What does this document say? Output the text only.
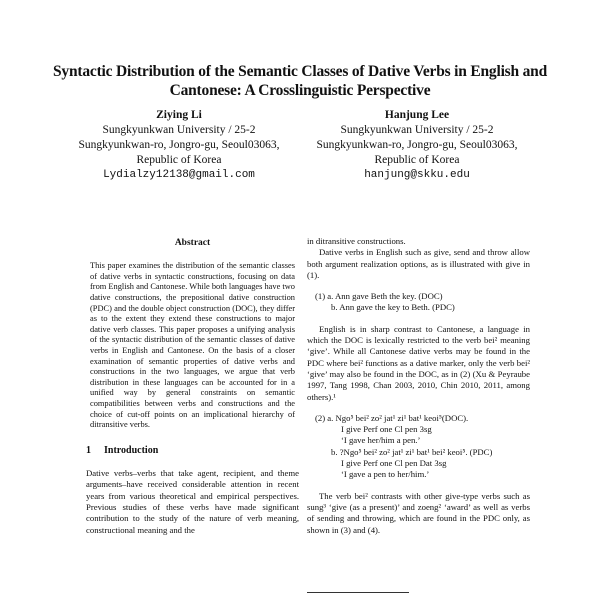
Syntactic Distribution of the Semantic Classes of Dative Verbs in English and Cantonese: A Crosslinguistic Perspective
Ziying Li
Sungkyunkwan University / 25-2
Sungkyunkwan-ro, Jongro-gu, Seoul03063,
Republic of Korea
Lydialzy12138@gmail.com
Hanjung Lee
Sungkyunkwan University / 25-2
Sungkyunkwan-ro, Jongro-gu, Seoul03063,
Republic of Korea
hanjung@skku.edu
Abstract
This paper examines the distribution of the semantic classes of dative verbs in syntactic constructions, focusing on data from English and Cantonese. While both languages have two dative constructions, the prepositional dative construction (PDC) and the double object construction (DOC), they differ as to the extent they extend these constructions to major dative verb classes. This paper proposes a unifying analysis of the syntactic distribution of the semantic classes of dative verbs in English and Cantonese. On the basis of a closer examination of semantic properties of dative verbs and constructions in the two languages, we argue that verb distribution in these languages can be accounted for in a unified way by general constraints on semantic compatibilities between verbs and constructions and the choice of cut-off points on an implicational hierarchy of ditransitive verbs.
1 Introduction
Dative verbs–verbs that take agent, recipient, and theme arguments–have received considerable attention in recent years from various theoretical and empirical perspectives. Previous studies of these verbs have made significant contribution to the study of the nature of verb meaning, constructional meaning and the

in ditransitive constructions.

Dative verbs in English such as give, send and throw allow both argument realization options, as is illustrated with give in (1).

(1) a. Ann gave Beth the key. (DOC)
b. Ann gave the key to Beth. (PDC)

English is in sharp contrast to Cantonese, a language in which the DOC is lexically restricted to the verb bei² meaning ‘give’. While all Cantonese dative verbs may be found in the PDC where bei² functions as a dative marker, only the verb bei² ‘give’ may also be found in the DOC, as in (2) (Xu & Peyraube 1997, Tang 1998, Chan 2003, 2010, Chin 2010, 2011, among others).¹

(2) a. Ngo⁵ bei² zo² jat¹ zi¹ bat¹ keoi⁵(DOC).
I give Perf one Cl pen 3sg
‘I gave her/him a pen.’
b. ?Ngo⁵ bei² zo² jat¹ zi¹ bat¹ bei² keoi⁵. (PDC)
I give Perf one Cl pen Dat 3sg
‘I gave a pen to her/him.’

The verb bei² contrasts with other give-type verbs such as sung³ ‘give (as a present)’ and zoeng² ‘award’ as well as verbs of sending and throwing, which are found in the PDC only, as shown in (3) and (4).
